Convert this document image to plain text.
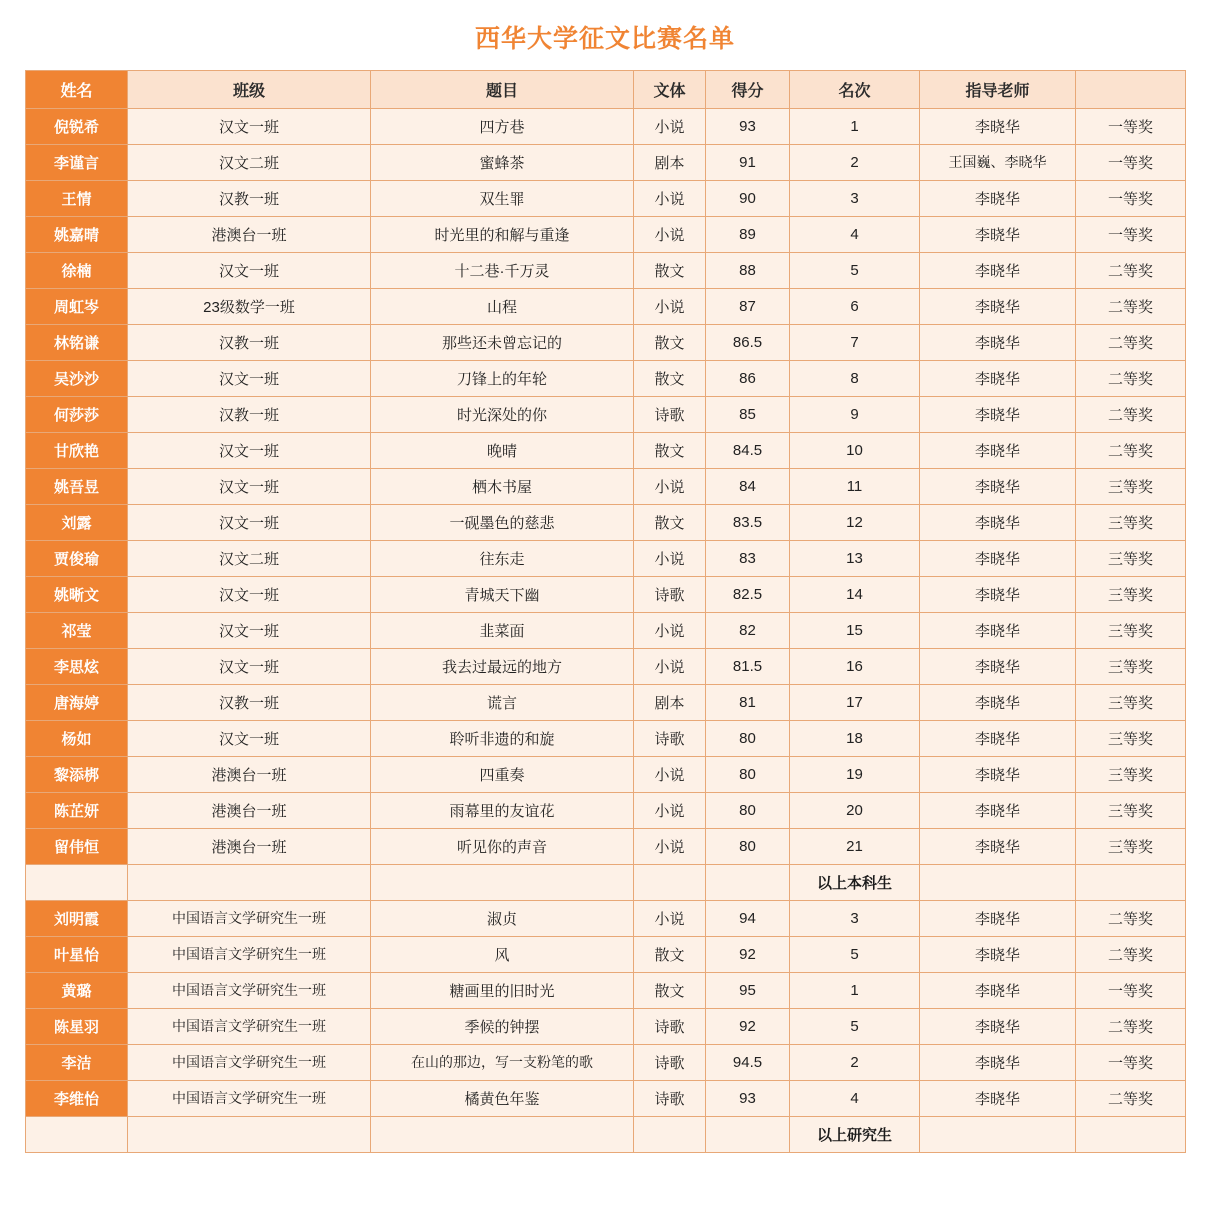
西华大学征文比赛名单
姓名	班级	题目	文体	得分	名次	指导老师	
倪锐希	汉文一班	四方巷	小说	93	1	李晓华	一等奖
李谨言	汉文二班	蜜蜂茶	剧本	91	2	王国巍、李晓华	一等奖
王情	汉教一班	双生罪	小说	90	3	李晓华	一等奖
姚嘉晴	港澳台一班	时光里的和解与重逢	小说	89	4	李晓华	一等奖
徐楠	汉文一班	十二巷·千万灵	散文	88	5	李晓华	二等奖
周虹岑	23级数学一班	山程	小说	87	6	李晓华	二等奖
林铭谦	汉教一班	那些还未曾忘记的	散文	86.5	7	李晓华	二等奖
吴沙沙	汉文一班	刀锋上的年轮	散文	86	8	李晓华	二等奖
何莎莎	汉教一班	时光深处的你	诗歌	85	9	李晓华	二等奖
甘欣艳	汉文一班	晚晴	散文	84.5	10	李晓华	二等奖
姚吾昱	汉文一班	栖木书屋	小说	84	11	李晓华	三等奖
刘露	汉文一班	一砚墨色的慈悲	散文	83.5	12	李晓华	三等奖
贾俊瑜	汉文二班	往东走	小说	83	13	李晓华	三等奖
姚晰文	汉文一班	青城天下幽	诗歌	82.5	14	李晓华	三等奖
祁莹	汉文一班	韭菜面	小说	82	15	李晓华	三等奖
李思炫	汉文一班	我去过最远的地方	小说	81.5	16	李晓华	三等奖
唐海婷	汉教一班	谎言	剧本	81	17	李晓华	三等奖
杨如	汉文一班	聆听非遗的和旋	诗歌	80	18	李晓华	三等奖
黎添梆	港澳台一班	四重奏	小说	80	19	李晓华	三等奖
陈芷妍	港澳台一班	雨幕里的友谊花	小说	80	20	李晓华	三等奖
留伟恒	港澳台一班	听见你的声音	小说	80	21	李晓华	三等奖
					以上本科生		
刘明霞	中国语言文学研究生一班	淑贞	小说	94	3	李晓华	二等奖
叶星怡	中国语言文学研究生一班	风	散文	92	5	李晓华	二等奖
黄璐	中国语言文学研究生一班	糖画里的旧时光	散文	95	1	李晓华	一等奖
陈星羽	中国语言文学研究生一班	季候的钟摆	诗歌	92	5	李晓华	二等奖
李洁	中国语言文学研究生一班	在山的那边，写一支粉笔的歌	诗歌	94.5	2	李晓华	一等奖
李维怡	中国语言文学研究生一班	橘黄色年鉴	诗歌	93	4	李晓华	二等奖
					以上研究生		
